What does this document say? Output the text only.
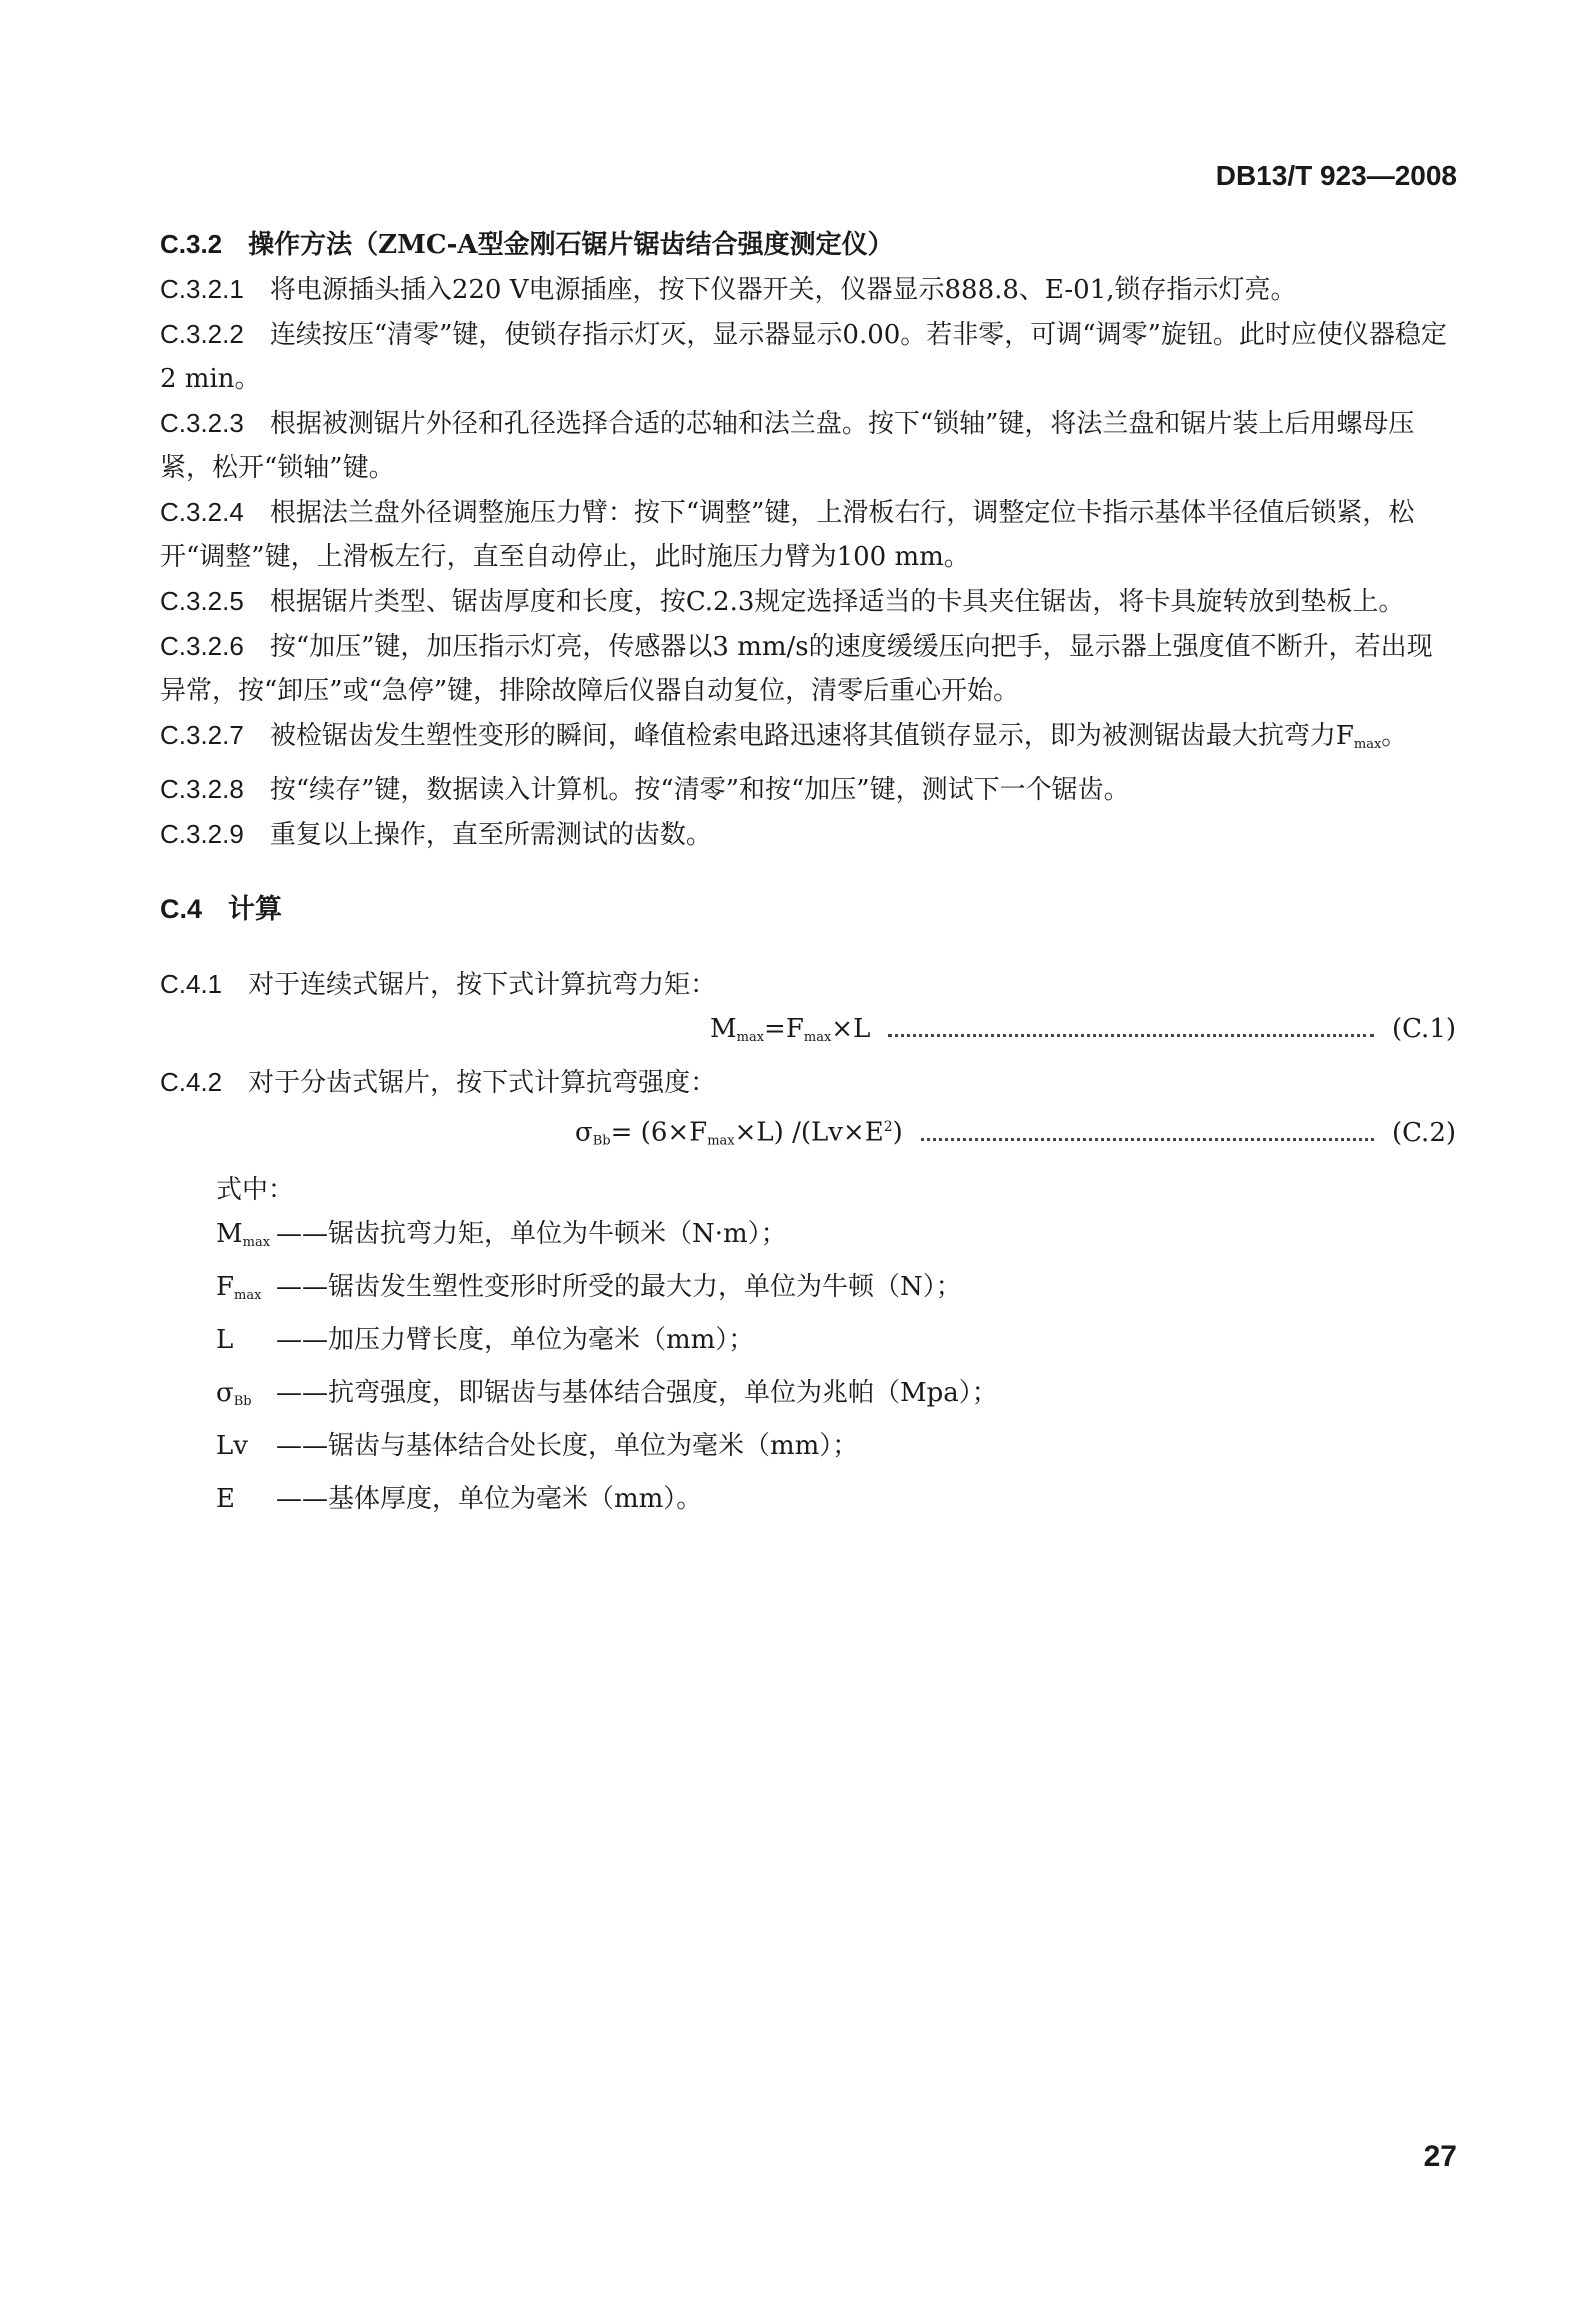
DB13/T 923—2008

C.3.2 操作方法（ZMC-A型金刚石锯片锯齿结合强度测定仪）

C.3.2.1 将电源插头插入220 V电源插座，按下仪器开关，仪器显示888.8、E-01,锁存指示灯亮。

C.3.2.2 连续按压“清零”键，使锁存指示灯灭，显示器显示0.00。若非零，可调“调零”旋钮。此时应使仪器稳定2 min。

C.3.2.3 根据被测锯片外径和孔径选择合适的芯轴和法兰盘。按下“锁轴”键，将法兰盘和锯片装上后用螺母压紧，松开“锁轴”键。

C.3.2.4 根据法兰盘外径调整施压力臂：按下“调整”键，上滑板右行，调整定位卡指示基体半径值后锁紧，松开“调整”键，上滑板左行，直至自动停止，此时施压力臂为100 mm。

C.3.2.5 根据锯片类型、锯齿厚度和长度，按C.2.3规定选择适当的卡具夹住锯齿，将卡具旋转放到垫板上。

C.3.2.6 按“加压”键，加压指示灯亮，传感器以3 mm/s的速度缓缓压向把手，显示器上强度值不断升，若出现异常，按“卸压”或“急停”键，排除故障后仪器自动复位，清零后重心开始。

C.3.2.7 被检锯齿发生塑性变形的瞬间，峰值检索电路迅速将其值锁存显示，即为被测锯齿最大抗弯力$F_{max}$。

C.3.2.8 按“续存”键，数据读入计算机。按“清零”和按“加压”键，测试下一个锯齿。

C.3.2.9 重复以上操作，直至所需测试的齿数。

C.4 计算

C.4.1 对于连续式锯片，按下式计算抗弯力矩：

$M_{max}=F_{max}\times L$	(C.1)

C.4.2 对于分齿式锯片，按下式计算抗弯强度：

$\sigma_{Bb}= (6\times F_{max}\times L)$ $/(Lv\times E^2)$	(C.2)
式中：
$M_{max}$ ——锯齿抗弯力矩，单位为牛顿米（N·m）；
$F_{max}$ ——锯齿发生塑性变形时所受的最大力，单位为牛顿（N）；
L	——加压力臂长度，单位为毫米（mm）；
$\sigma_{Bb}$ ——抗弯强度，即锯齿与基体结合强度，单位为兆帕（Mpa）；
Lv	——锯齿与基体结合处长度，单位为毫米（mm）；
E	——基体厚度，单位为毫米（mm）。
27
